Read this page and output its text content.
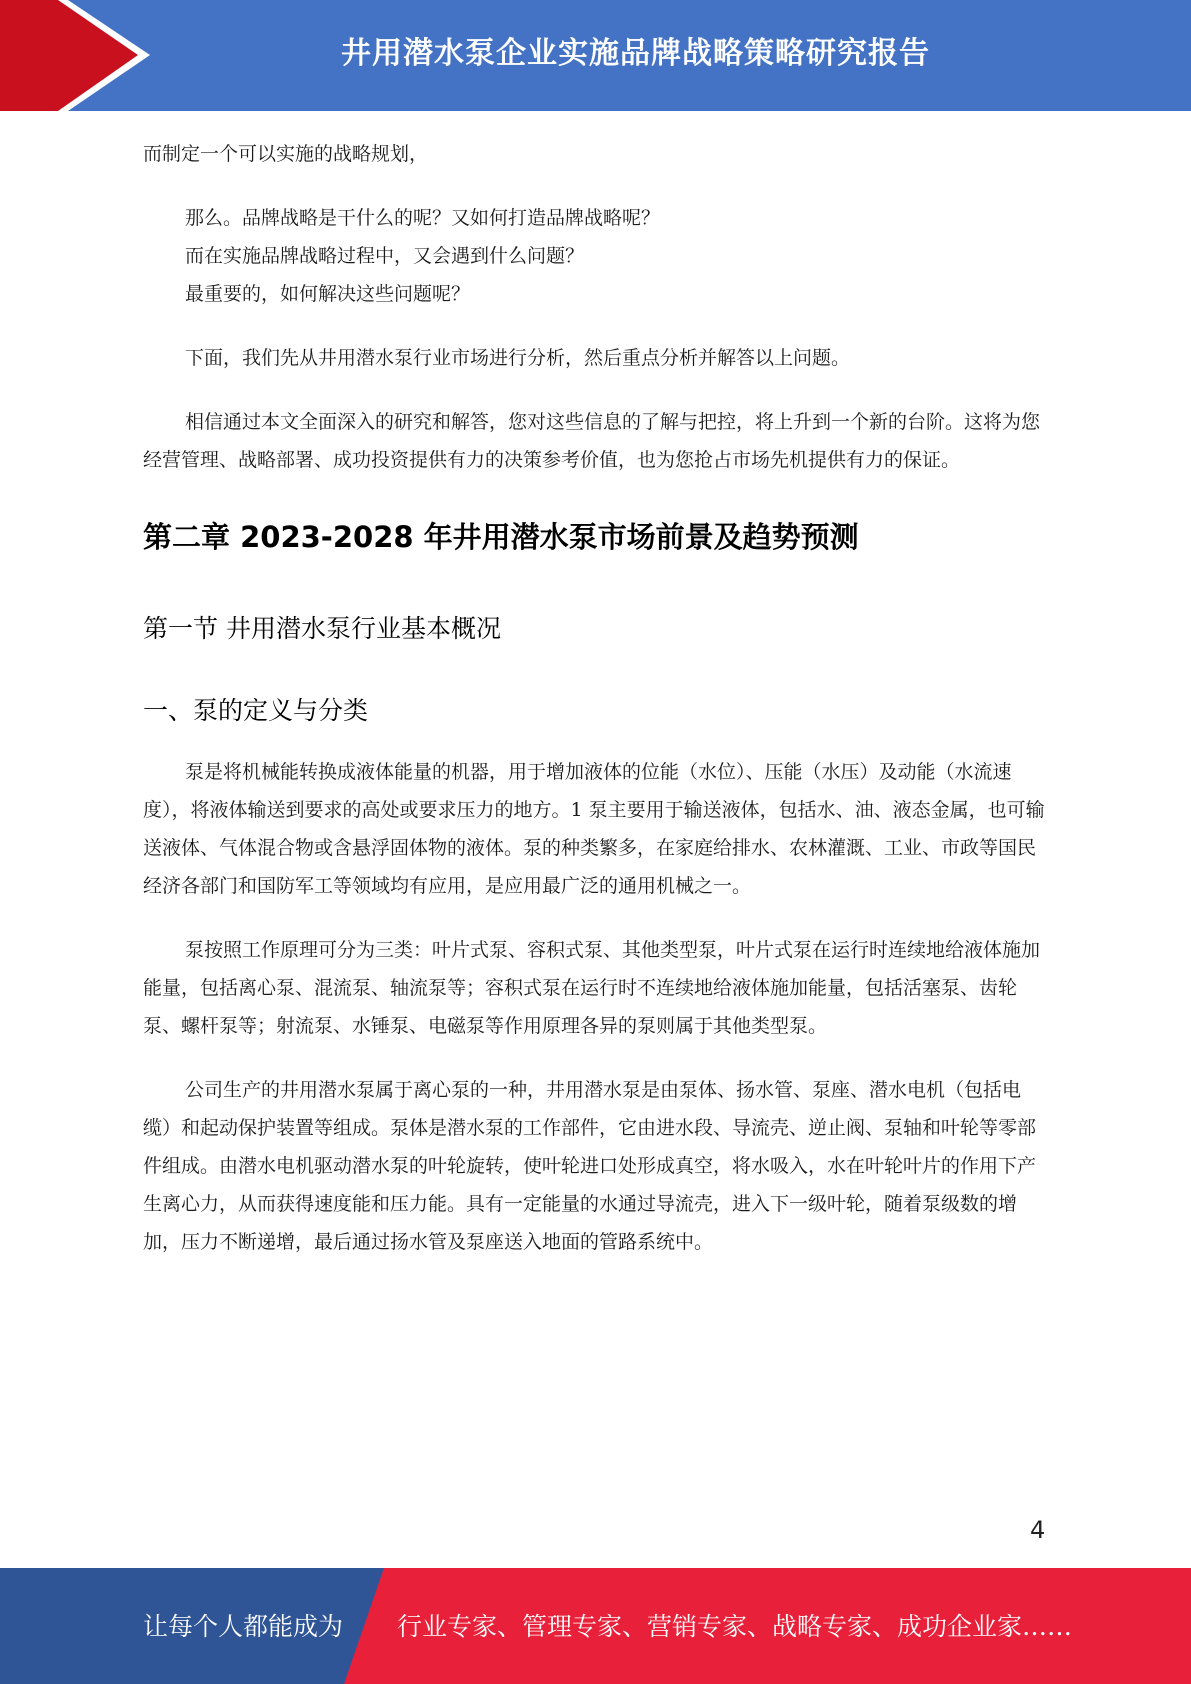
井用潜水泵企业实施品牌战略策略研究报告

而制定一个可以实施的战略规划，

那么。品牌战略是干什么的呢？又如何打造品牌战略呢？

而在实施品牌战略过程中，又会遇到什么问题？

最重要的，如何解决这些问题呢？

下面，我们先从井用潜水泵行业市场进行分析，然后重点分析并解答以上问题。

相信通过本文全面深入的研究和解答，您对这些信息的了解与把控，将上升到一个新的台阶。这将为您经营管理、战略部署、成功投资提供有力的决策参考价值，也为您抢占市场先机提供有力的保证。

第二章 2023-2028 年井用潜水泵市场前景及趋势预测
第一节 井用潜水泵行业基本概况
一、泵的定义与分类

泵是将机械能转换成液体能量的机器，用于增加液体的位能（水位）、压能（水压）及动能（水流速度），将液体输送到要求的高处或要求压力的地方。1 泵主要用于输送液体，包括水、油、液态金属，也可输送液体、气体混合物或含悬浮固体物的液体。泵的种类繁多，在家庭给排水、农林灌溉、工业、市政等国民经济各部门和国防军工等领域均有应用，是应用最广泛的通用机械之一。

泵按照工作原理可分为三类：叶片式泵、容积式泵、其他类型泵，叶片式泵在运行时连续地给液体施加能量，包括离心泵、混流泵、轴流泵等；容积式泵在运行时不连续地给液体施加能量，包括活塞泵、齿轮泵、螺杆泵等；射流泵、水锤泵、电磁泵等作用原理各异的泵则属于其他类型泵。

公司生产的井用潜水泵属于离心泵的一种，井用潜水泵是由泵体、扬水管、泵座、潜水电机（包括电缆）和起动保护装置等组成。泵体是潜水泵的工作部件，它由进水段、导流壳、逆止阀、泵轴和叶轮等零部件组成。由潜水电机驱动潜水泵的叶轮旋转，使叶轮进口处形成真空，将水吸入，水在叶轮叶片的作用下产生离心力，从而获得速度能和压力能。具有一定能量的水通过导流壳，进入下一级叶轮，随着泵级数的增加，压力不断递增，最后通过扬水管及泵座送入地面的管路系统中。

4
让每个人都能成为 行业专家、管理专家、营销专家、战略专家、成功企业家……
